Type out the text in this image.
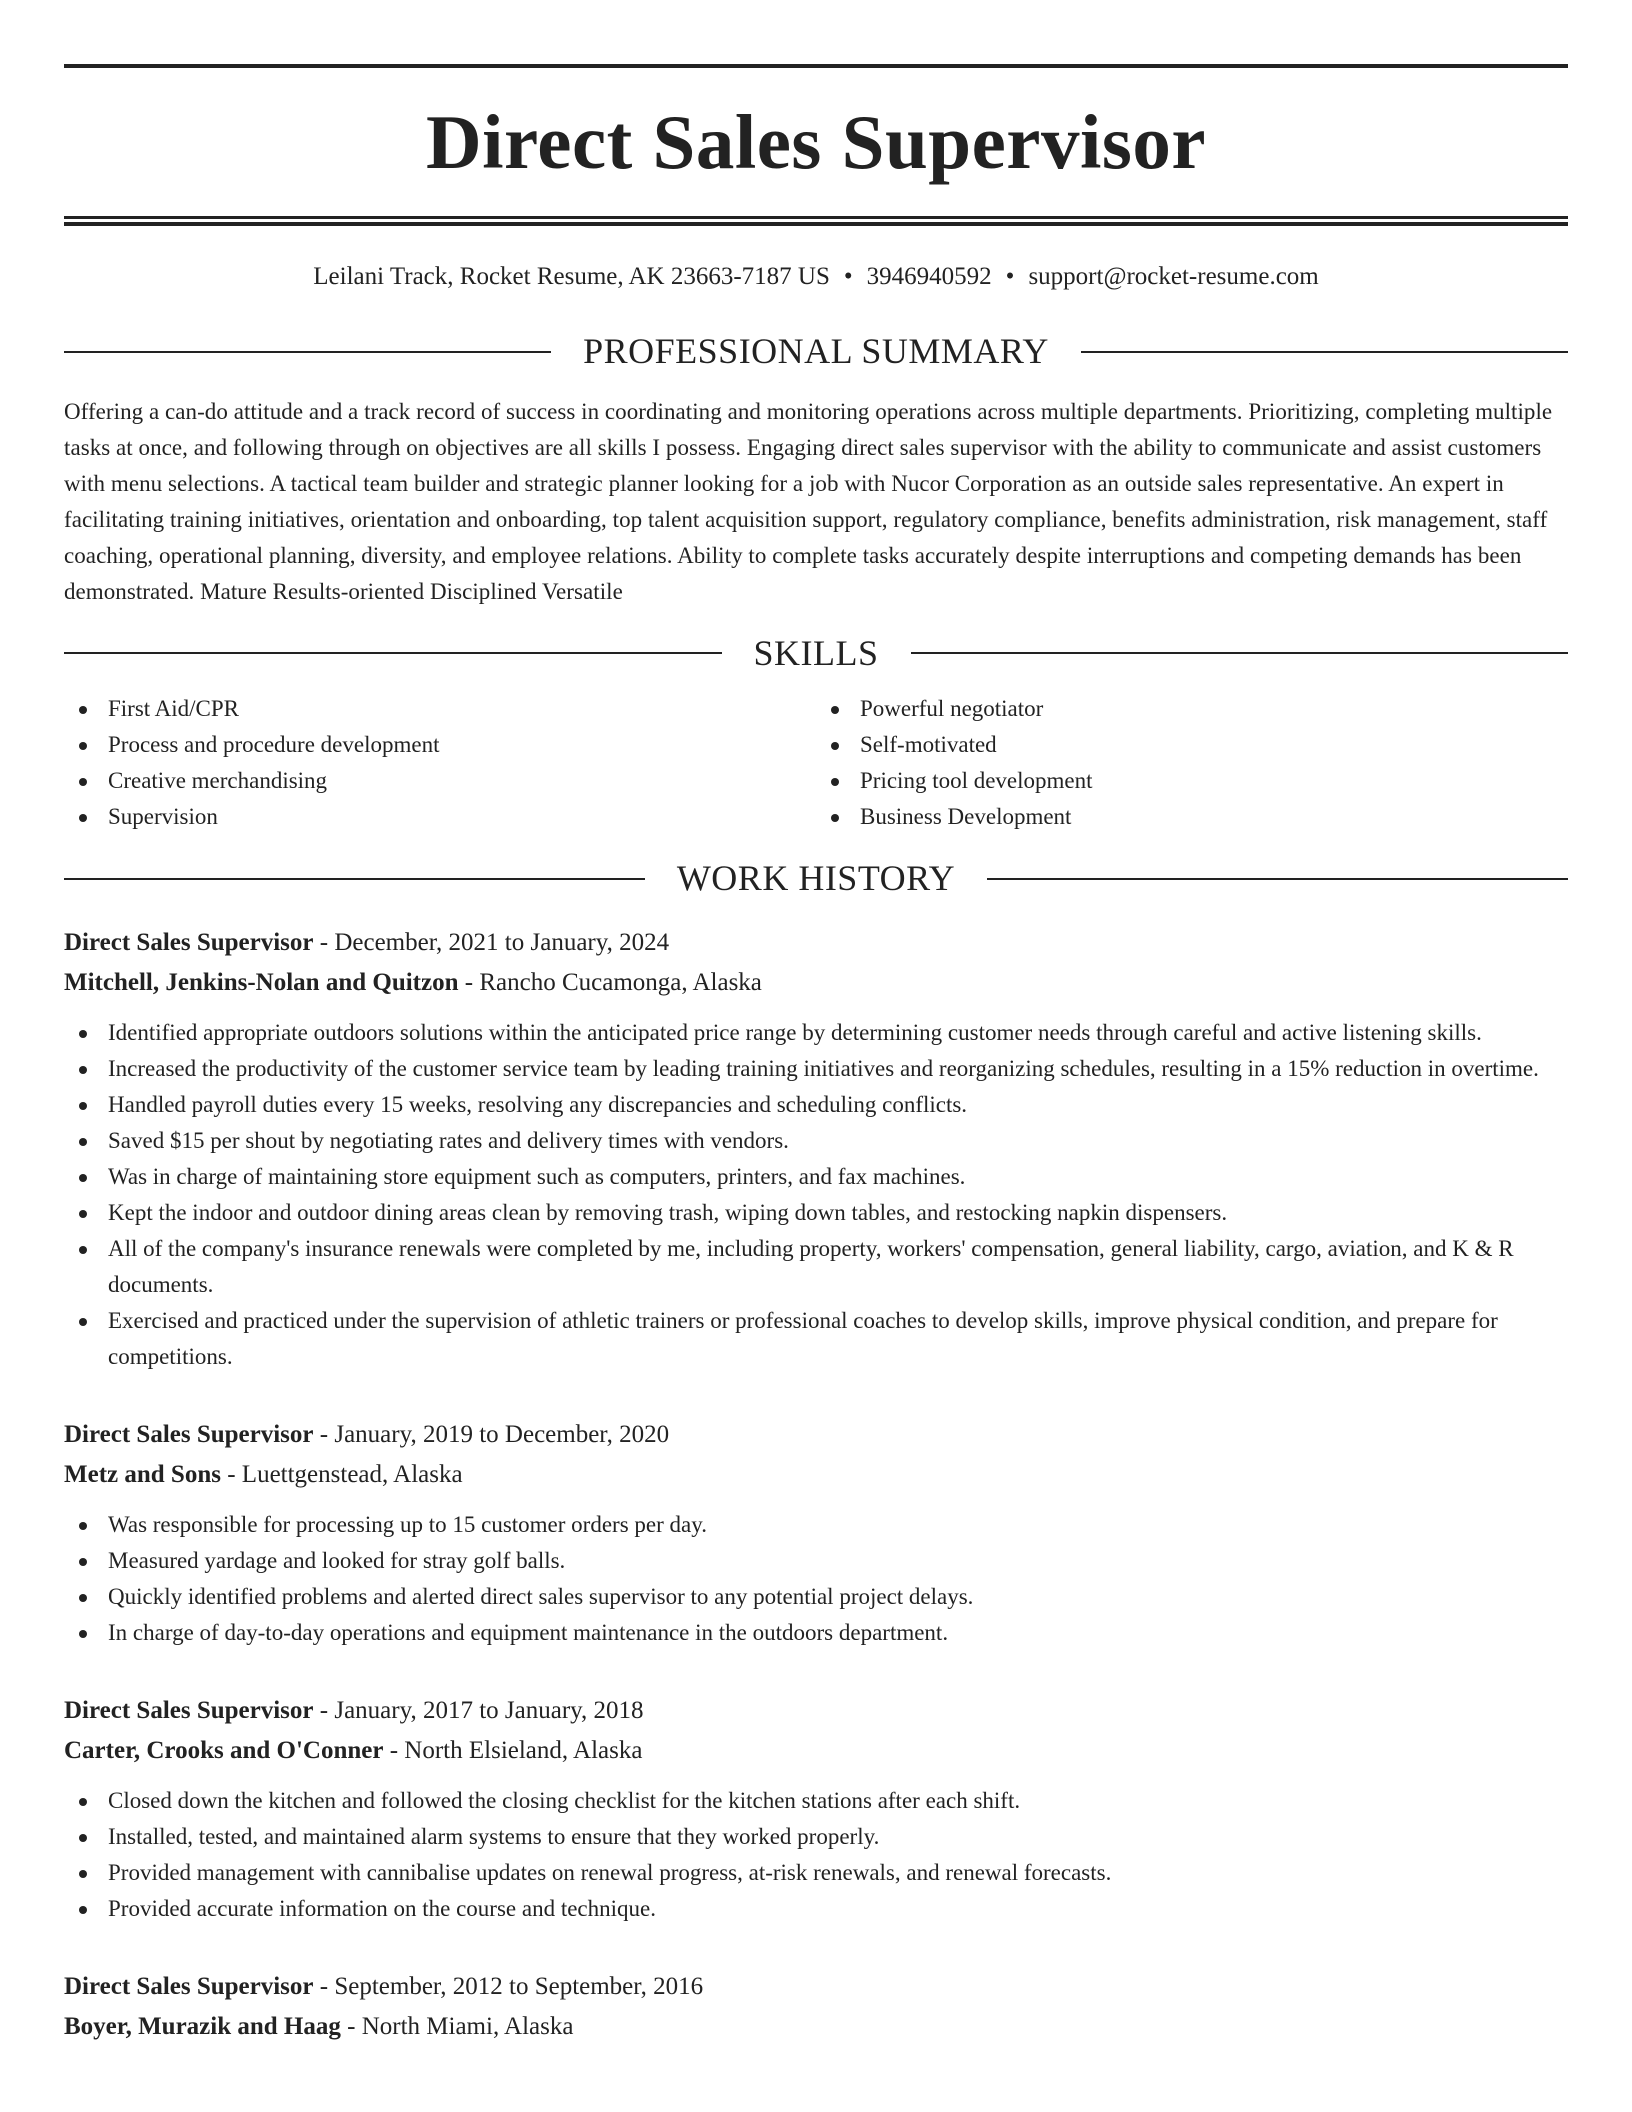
Direct Sales Supervisor
Leilani Track, Rocket Resume, AK 23663-7187 US • 3946940592 • support@rocket-resume.com
PROFESSIONAL SUMMARY

Offering a can-do attitude and a track record of success in coordinating and monitoring operations across multiple departments. Prioritizing, completing multiple tasks at once, and following through on objectives are all skills I possess. Engaging direct sales supervisor with the ability to communicate and assist customers with menu selections. A tactical team builder and strategic planner looking for a job with Nucor Corporation as an outside sales representative. An expert in facilitating training initiatives, orientation and onboarding, top talent acquisition support, regulatory compliance, benefits administration, risk management, staff coaching, operational planning, diversity, and employee relations. Ability to complete tasks accurately despite interruptions and competing demands has been demonstrated. Mature Results-oriented Disciplined Versatile

SKILLS
First Aid/CPR
Process and procedure development
Creative merchandising
Supervision
Powerful negotiator
Self-motivated
Pricing tool development
Business Development
WORK HISTORY
Direct Sales Supervisor - December, 2021 to January, 2024
Mitchell, Jenkins-Nolan and Quitzon - Rancho Cucamonga, Alaska
Identified appropriate outdoors solutions within the anticipated price range by determining customer needs through careful and active listening skills.
Increased the productivity of the customer service team by leading training initiatives and reorganizing schedules, resulting in a 15% reduction in overtime.
Handled payroll duties every 15 weeks, resolving any discrepancies and scheduling conflicts.
Saved $15 per shout by negotiating rates and delivery times with vendors.
Was in charge of maintaining store equipment such as computers, printers, and fax machines.
Kept the indoor and outdoor dining areas clean by removing trash, wiping down tables, and restocking napkin dispensers.
All of the company's insurance renewals were completed by me, including property, workers' compensation, general liability, cargo, aviation, and K & R documents.
Exercised and practiced under the supervision of athletic trainers or professional coaches to develop skills, improve physical condition, and prepare for competitions.
Direct Sales Supervisor - January, 2019 to December, 2020
Metz and Sons - Luettgenstead, Alaska
Was responsible for processing up to 15 customer orders per day.
Measured yardage and looked for stray golf balls.
Quickly identified problems and alerted direct sales supervisor to any potential project delays.
In charge of day-to-day operations and equipment maintenance in the outdoors department.
Direct Sales Supervisor - January, 2017 to January, 2018
Carter, Crooks and O'Conner - North Elsieland, Alaska
Closed down the kitchen and followed the closing checklist for the kitchen stations after each shift.
Installed, tested, and maintained alarm systems to ensure that they worked properly.
Provided management with cannibalise updates on renewal progress, at-risk renewals, and renewal forecasts.
Provided accurate information on the course and technique.
Direct Sales Supervisor - September, 2012 to September, 2016
Boyer, Murazik and Haag - North Miami, Alaska
